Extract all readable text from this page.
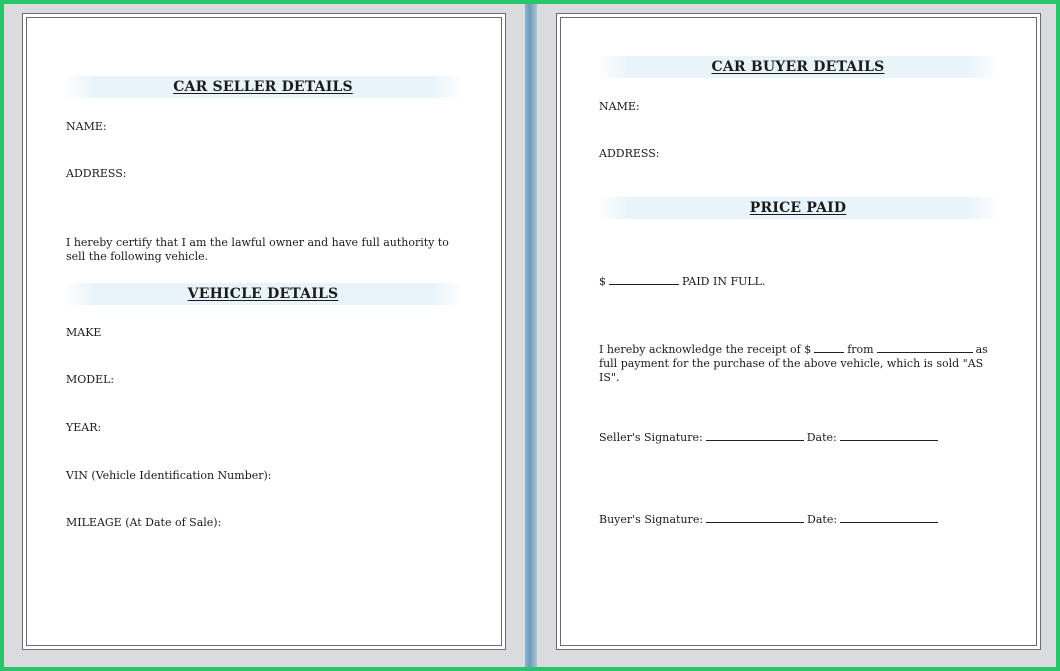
CAR SELLER DETAILS
NAME:
ADDRESS:
I hereby certify that I am the lawful owner and have full authority to sell the following vehicle.
VEHICLE DETAILS
MAKE
MODEL:
YEAR:
VIN (Vehicle Identification Number):
MILEAGE (At Date of Sale):
CAR BUYER DETAILS
NAME:
ADDRESS:
PRICE PAID
$	PAID IN FULL.
I hereby acknowledge the receipt of $	from	as full payment for the purchase of the above vehicle, which is sold "AS IS".
Seller's Signature:	Date:
Buyer's Signature:	Date:
